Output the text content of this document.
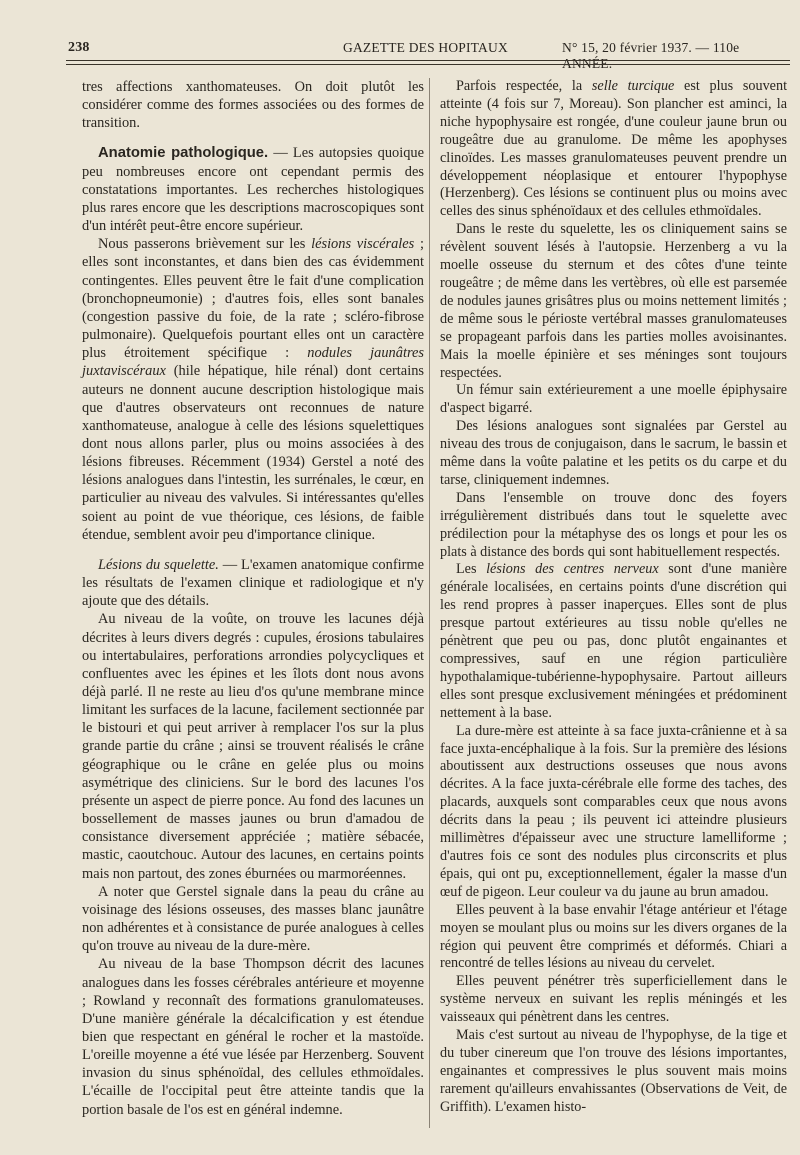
238	GAZETTE DES HOPITAUX	N° 15, 20 février 1937. — 110e ANNÉE.

tres affections xanthomateuses. On doit plutôt les considérer comme des formes associées ou des formes de transition.

Anatomie pathologique. — Les autopsies quoique peu nombreuses encore ont cependant permis des constatations importantes. Les recherches histologiques plus rares encore que les descriptions macroscopiques sont d'un intérêt peut-être encore supérieur.

Nous passerons brièvement sur les lésions viscérales ; elles sont inconstantes, et dans bien des cas évidemment contingentes. Elles peuvent être le fait d'une complication (bronchopneumonie) ; d'autres fois, elles sont banales (congestion passive du foie, de la rate ; scléro-fibrose pulmonaire). Quelquefois pourtant elles ont un caractère plus étroitement spécifique : nodules jaunâtres juxtaviscéraux (hile hépatique, hile rénal) dont certains auteurs ne donnent aucune description histologique mais que d'autres observateurs ont reconnues de nature xanthomateuse, analogue à celle des lésions squelettiques dont nous allons parler, plus ou moins associées à des lésions fibreuses. Récemment (1934) Gerstel a noté des lésions analogues dans l'intestin, les surrénales, le cœur, en particulier au niveau des valvules. Si intéressantes qu'elles soient au point de vue théorique, ces lésions, de faible étendue, semblent avoir peu d'importance clinique.

Lésions du squelette. — L'examen anatomique confirme les résultats de l'examen clinique et radiologique et n'y ajoute que des détails.

Au niveau de la voûte, on trouve les lacunes déjà décrites à leurs divers degrés : cupules, érosions tabulaires ou intertabulaires, perforations arrondies polycycliques et confluentes avec les épines et les îlots dont nous avons déjà parlé. Il ne reste au lieu d'os qu'une membrane mince limitant les surfaces de la lacune, facilement sectionnée par le bistouri et qui peut arriver à remplacer l'os sur la plus grande partie du crâne ; ainsi se trouvent réalisés le crâne géographique ou le crâne en gelée plus ou moins asymétrique des cliniciens. Sur le bord des lacunes l'os présente un aspect de pierre ponce. Au fond des lacunes un bossellement de masses jaunes ou brun d'amadou de consistance diversement appréciée ; matière sébacée, mastic, caoutchouc. Autour des lacunes, en certains points mais non partout, des zones éburnées ou marmoréennes.

A noter que Gerstel signale dans la peau du crâne au voisinage des lésions osseuses, des masses blanc jaunâtre non adhérentes et à consistance de purée analogues à celles qu'on trouve au niveau de la dure-mère.

Au niveau de la base Thompson décrit des lacunes analogues dans les fosses cérébrales antérieure et moyenne ; Rowland y reconnaît des formations granulomateuses. D'une manière générale la décalcification y est étendue bien que respectant en général le rocher et la mastoïde. L'oreille moyenne a été vue lésée par Herzenberg. Souvent invasion du sinus sphénoïdal, des cellules ethmoïdales. L'écaille de l'occipital peut être atteinte tandis que la portion basale de l'os est en général indemne.

Parfois respectée, la selle turcique est plus souvent atteinte (4 fois sur 7, Moreau). Son plancher est aminci, la niche hypophysaire est rongée, d'une couleur jaune brun ou rougeâtre due au granulome. De même les apophyses clinoïdes. Les masses granulomateuses peuvent prendre un développement néoplasique et entourer l'hypophyse (Herzenberg). Ces lésions se continuent plus ou moins avec celles des sinus sphénoïdaux et des cellules ethmoïdales.

Dans le reste du squelette, les os cliniquement sains se révèlent souvent lésés à l'autopsie. Herzenberg a vu la moelle osseuse du sternum et des côtes d'une teinte rougeâtre ; de même dans les vertèbres, où elle est parsemée de nodules jaunes grisâtres plus ou moins nettement limités ; de même sous le périoste vertébral masses granulomateuses se propageant parfois dans les parties molles avoisinantes. Mais la moelle épinière et ses méninges sont toujours respectées.

Un fémur sain extérieurement a une moelle épiphysaire d'aspect bigarré.

Des lésions analogues sont signalées par Gerstel au niveau des trous de conjugaison, dans le sacrum, le bassin et même dans la voûte palatine et les petits os du carpe et du tarse, cliniquement indemnes.

Dans l'ensemble on trouve donc des foyers irrégulièrement distribués dans tout le squelette avec prédilection pour la métaphyse des os longs et pour les os plats à distance des bords qui sont habituellement respectés.

Les lésions des centres nerveux sont d'une manière générale localisées, en certains points d'une discrétion qui les rend propres à passer inaperçues. Elles sont de plus presque partout extérieures au tissu noble qu'elles ne pénètrent que peu ou pas, donc plutôt engainantes et compressives, sauf en une région particulière hypothalamique-tubérienne-hypophysaire. Partout ailleurs elles sont presque exclusivement méningées et prédominent nettement à la base.

La dure-mère est atteinte à sa face juxta-crânienne et à sa face juxta-encéphalique à la fois. Sur la première des lésions aboutissent aux destructions osseuses que nous avons décrites. A la face juxta-cérébrale elle forme des taches, des placards, auxquels sont comparables ceux que nous avons décrits dans la peau ; ils peuvent ici atteindre plusieurs millimètres d'épaisseur avec une structure lamelliforme ; d'autres fois ce sont des nodules plus circonscrits et plus épais, qui ont pu, exceptionnellement, égaler la masse d'un œuf de pigeon. Leur couleur va du jaune au brun amadou.

Elles peuvent à la base envahir l'étage antérieur et l'étage moyen se moulant plus ou moins sur les divers organes de la région qui peuvent être comprimés et déformés. Chiari a rencontré de telles lésions au niveau du cervelet.

Elles peuvent pénétrer très superficiellement dans le système nerveux en suivant les replis méningés et les vaisseaux qui pénètrent dans les centres.

Mais c'est surtout au niveau de l'hypophyse, de la tige et du tuber cinereum que l'on trouve des lésions importantes, engainantes et compressives le plus souvent mais moins rarement qu'ailleurs envahissantes (Observations de Veit, de Griffith). L'examen histo-
